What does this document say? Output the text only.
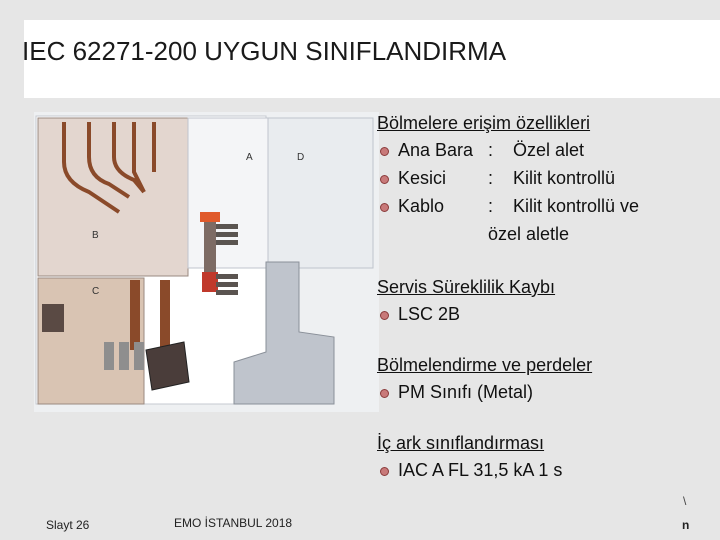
IEC 62271-200 UYGUN SINIFLANDIRMA
A	D
B
C
Bölmelere erişim özellikleri
Ana Bara : Özel alet
Kesici : Kilit kontrollü
Kablo : Kilit kontrollü ve
özel aletle
Servis Süreklilik Kaybı
LSC 2B
Bölmelendirme ve perdeler
PM Sınıfı (Metal)
İç ark sınıflandırması
IAC A FL 31,5 kA 1 s
\
Slayt 26	EMO İSTANBUL 2018	n
